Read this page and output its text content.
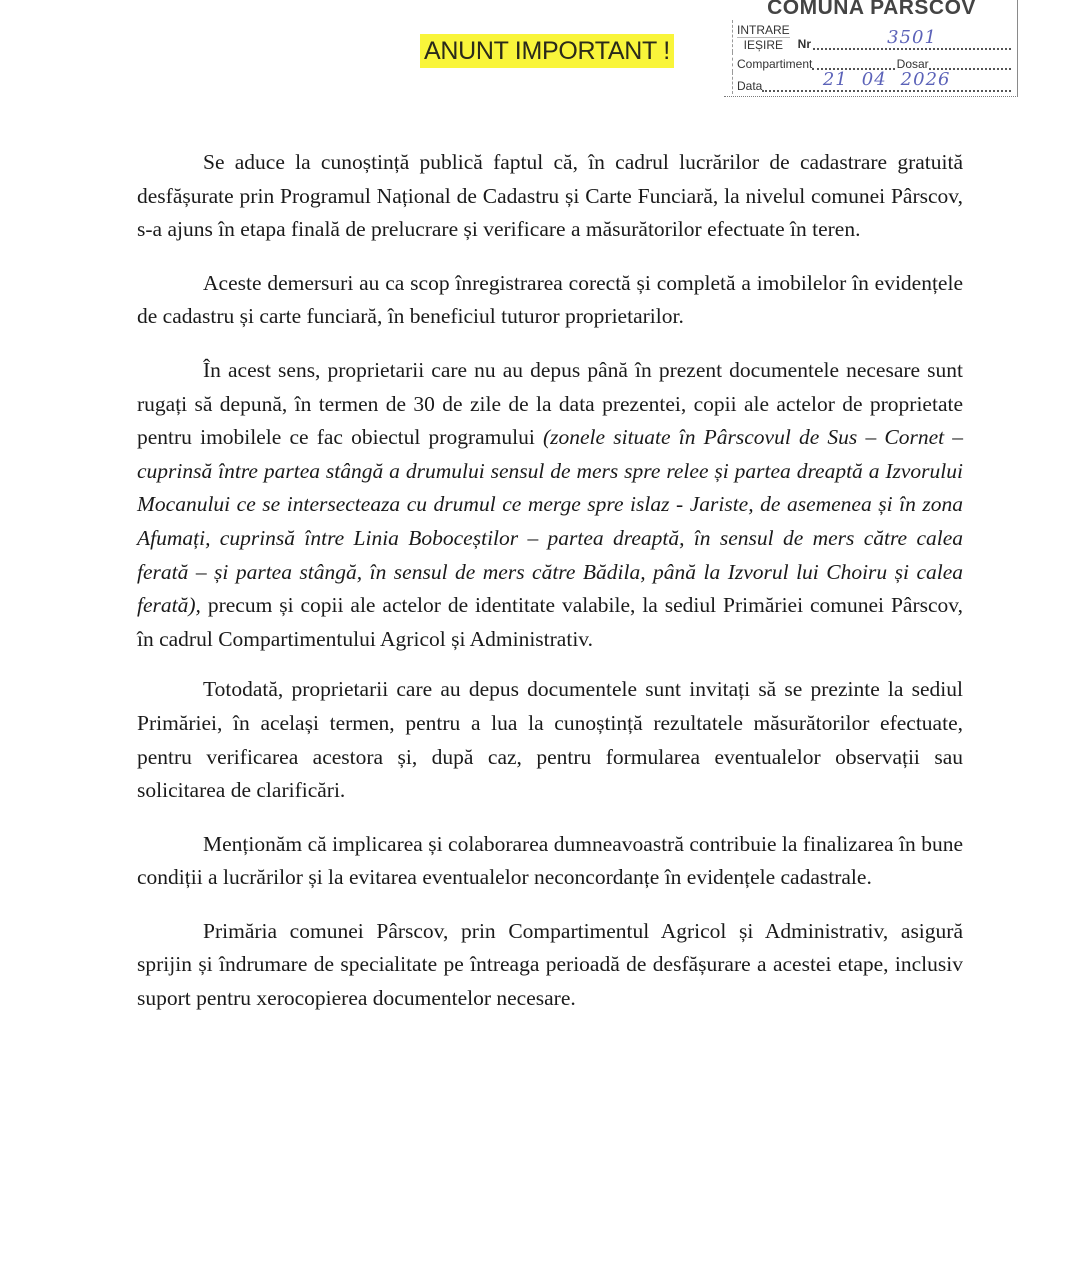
ANUNT IMPORTANT !
COMUNA PARSCOV
INTRARE
IEȘIRE Nr	3501
Compartiment	Dosar
Data	21 04 2026

Se aduce la cunoștință publică faptul că, în cadrul lucrărilor de cadastrare gratuită desfășurate prin Programul Național de Cadastru și Carte Funciară, la nivelul comunei Pârscov, s-a ajuns în etapa finală de prelucrare și verificare a măsurătorilor efectuate în teren.

Aceste demersuri au ca scop înregistrarea corectă și completă a imobilelor în evidențele de cadastru și carte funciară, în beneficiul tuturor proprietarilor.

În acest sens, proprietarii care nu au depus până în prezent documentele necesare sunt rugați să depună, în termen de 30 de zile de la data prezentei, copii ale actelor de proprietate pentru imobilele ce fac obiectul programului (zonele situate în Pârscovul de Sus – Cornet – cuprinsă între partea stângă a drumului sensul de mers spre relee și partea dreaptă a Izvorului Mocanului ce se intersecteaza cu drumul ce merge spre islaz - Jariste, de asemenea și în zona Afumați, cuprinsă între Linia Boboceștilor – partea dreaptă, în sensul de mers către calea ferată – și partea stângă, în sensul de mers către Bădila, până la Izvorul lui Choiru și calea ferată), precum și copii ale actelor de identitate valabile, la sediul Primăriei comunei Pârscov, în cadrul Compartimentului Agricol și Administrativ.

Totodată, proprietarii care au depus documentele sunt invitați să se prezinte la sediul Primăriei, în același termen, pentru a lua la cunoștință rezultatele măsurătorilor efectuate, pentru verificarea acestora și, după caz, pentru formularea eventualelor observații sau solicitarea de clarificări.

Menționăm că implicarea și colaborarea dumneavoastră contribuie la finalizarea în bune condiții a lucrărilor și la evitarea eventualelor neconcordanțe în evidențele cadastrale.

Primăria comunei Pârscov, prin Compartimentul Agricol și Administrativ, asigură sprijin și îndrumare de specialitate pe întreaga perioadă de desfășurare a acestei etape, inclusiv suport pentru xerocopierea documentelor necesare.
